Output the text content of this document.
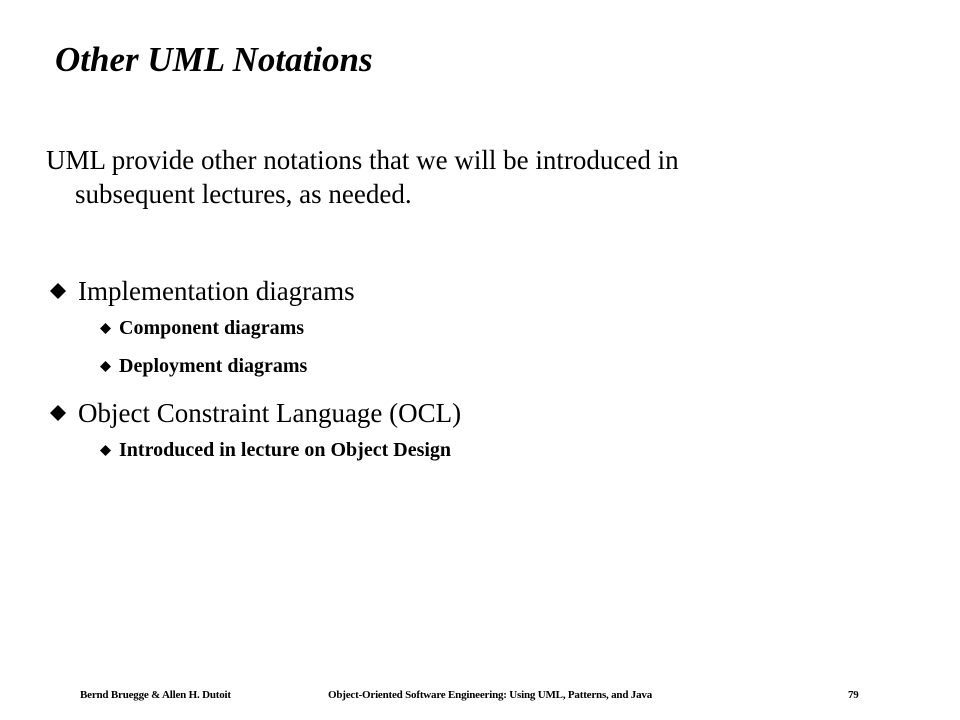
Other UML Notations

UML provide other notations that we will be introduced in
subsequent lectures, as needed.

Implementation diagrams
Component diagrams
Deployment diagrams
Object Constraint Language (OCL)
Introduced in lecture on Object Design
Bernd Bruegge & Allen H. Dutoit	Object-Oriented Software Engineering: Using UML, Patterns, and Java	79
